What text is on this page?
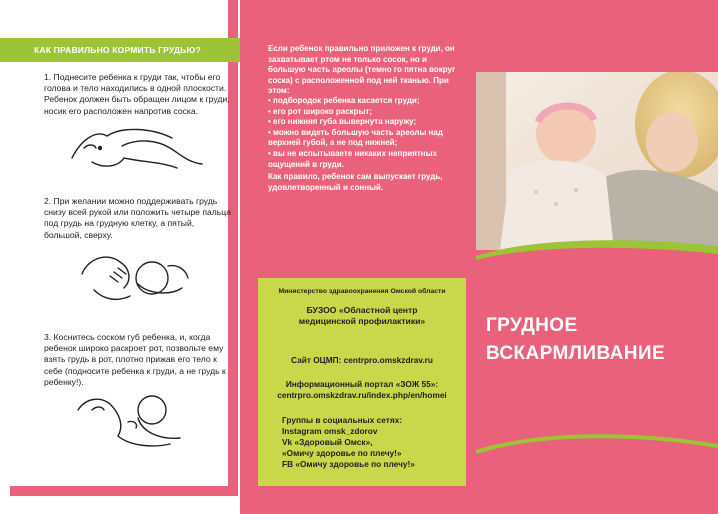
КАК ПРАВИЛЬНО КОРМИТЬ ГРУДЬЮ?
1. Поднесите ребенка к груди так, чтобы его голова и тело находились в одной плоскости. Ребенок должен быть обращен лицом к груди; носик его расположен напротив соска.
2. При желании можно поддерживать грудь снизу всей рукой или положить четыре пальца под грудь на грудную клетку, а пятый, большой, сверху.
3. Коснитесь соском губ ребенка, и, когда ребенок широко раскроет рот, позвольте ему взять грудь в рот, плотно прижав его тело к себе (подносите ребенка к груди, а не грудь к ребенку!).
Если ребенок правильно приложен к груди, он захватывает ртом не только сосок, но и большую часть ареолы (темно го пятна вокруг соска) с расположенной под ней тканью. При этом:
• подбородок ребенка касается груди;
• его рот широко раскрыт;
• его нижняя губа вывернута наружу;
• можно видеть большую часть ареолы над верхней губой, а не под нижней;
• вы не испытываете никаких неприятных ощущений в груди.
Как правило, ребенок сам выпускает грудь, удовлетворенный и сонный.
Министерство здравоохранения Омской области
БУЗОО «Областной центр
медицинской профилактики»
Сайт ОЦМП: centrpro.omskzdrav.ru
Информационный портал «ЗОЖ 55»:
centrpro.omskzdrav.ru/index.php/en/homei
Группы в социальных сетях:
Instagram omsk_zdorov
Vk «Здоровый Омск»,
«Омичу здоровье по плечу!»
FB «Омичу здоровье по плечу!»
ГРУДНОЕ
ВСКАРМЛИВАНИЕ
